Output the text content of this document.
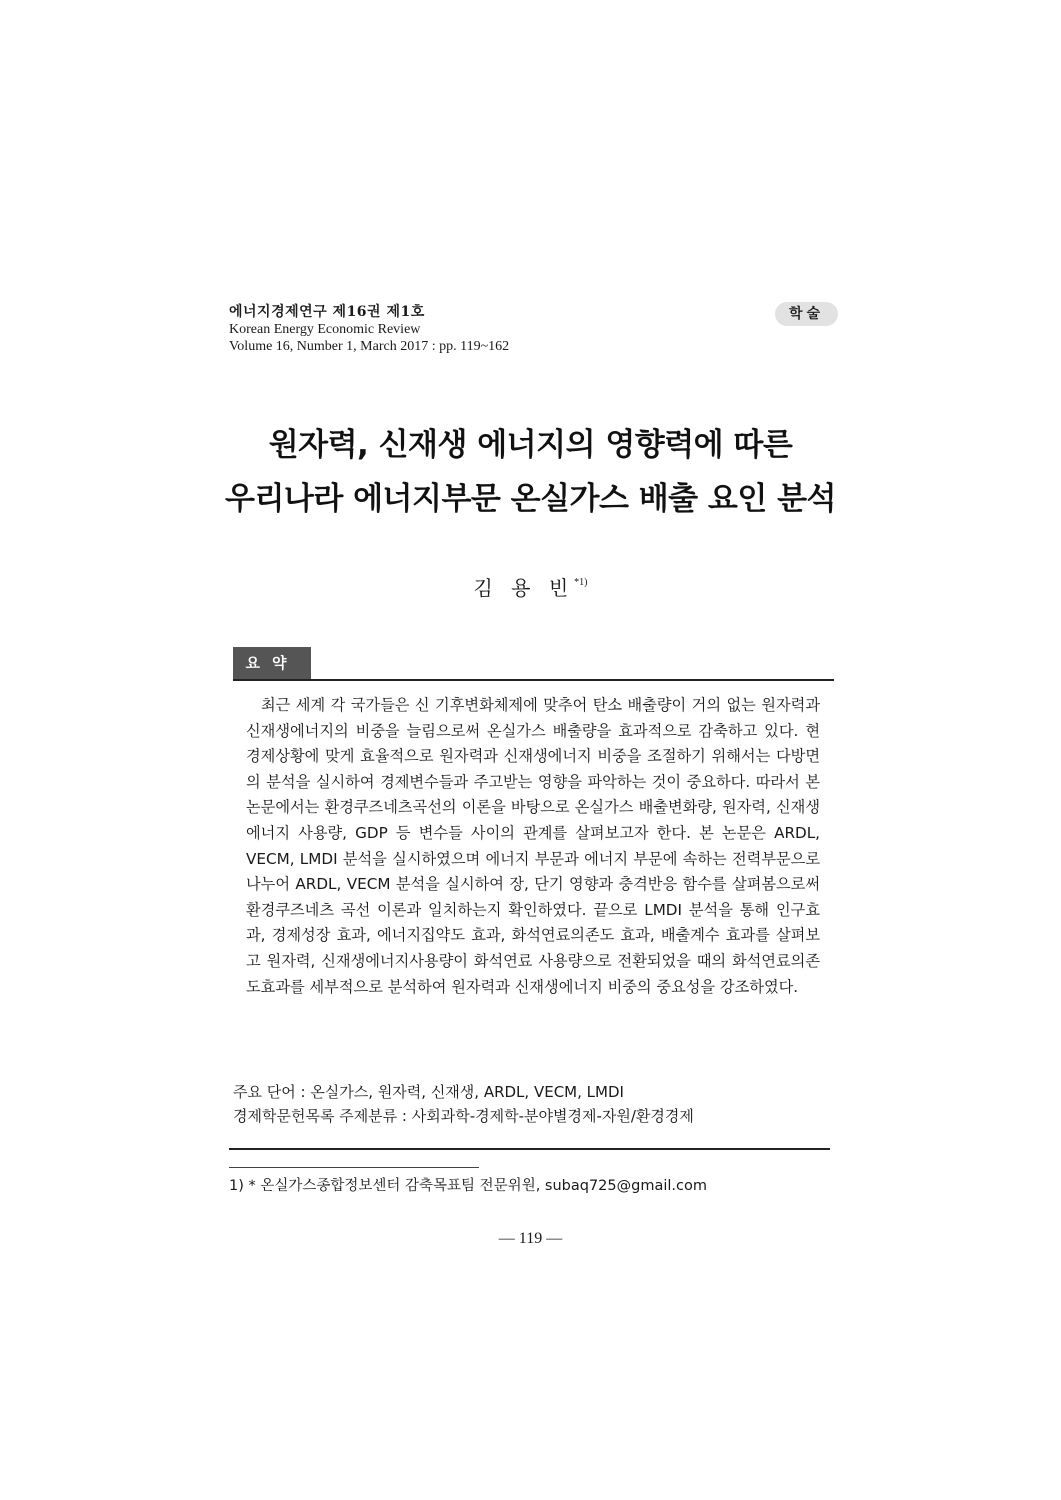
에너지경제연구 제16권 제1호
Korean Energy Economic Review
Volume 16, Number 1, March 2017 : pp. 119~162
학술
원자력, 신재생 에너지의 영향력에 따른
우리나라 에너지부문 온실가스 배출 요인 분석
김 용 빈$^{*1)}$
요약

최근 세계 각 국가들은 신 기후변화체제에 맞추어 탄소 배출량이 거의 없는 원자력과 신재생에너지의 비중을 늘림으로써 온실가스 배출량을 효과적으로 감축하고 있다. 현 경제상황에 맞게 효율적으로 원자력과 신재생에너지 비중을 조절하기 위해서는 다방면의 분석을 실시하여 경제변수들과 주고받는 영향을 파악하는 것이 중요하다. 따라서 본 논문에서는 환경쿠즈네츠곡선의 이론을 바탕으로 온실가스 배출변화량, 원자력, 신재생에너지 사용량, GDP 등 변수들 사이의 관계를 살펴보고자 한다. 본 논문은 ARDL, VECM, LMDI 분석을 실시하였으며 에너지 부문과 에너지 부문에 속하는 전력부문으로 나누어 ARDL, VECM 분석을 실시하여 장, 단기 영향과 충격반응 함수를 살펴봄으로써 환경쿠즈네츠 곡선 이론과 일치하는지 확인하였다. 끝으로 LMDI 분석을 통해 인구효과, 경제성장 효과, 에너지집약도 효과, 화석연료의존도 효과, 배출계수 효과를 살펴보고 원자력, 신재생에너지사용량이 화석연료 사용량으로 전환되었을 때의 화석연료의존도효과를 세부적으로 분석하여 원자력과 신재생에너지 비중의 중요성을 강조하였다.

주요 단어 : 온실가스, 원자력, 신재생, ARDL, VECM, LMDI
경제학문헌목록 주제분류 : 사회과학-경제학-분야별경제-자원/환경경제
1) * 온실가스종합정보센터 감축목표팀 전문위원, subaq725@gmail.com
— 119 —
